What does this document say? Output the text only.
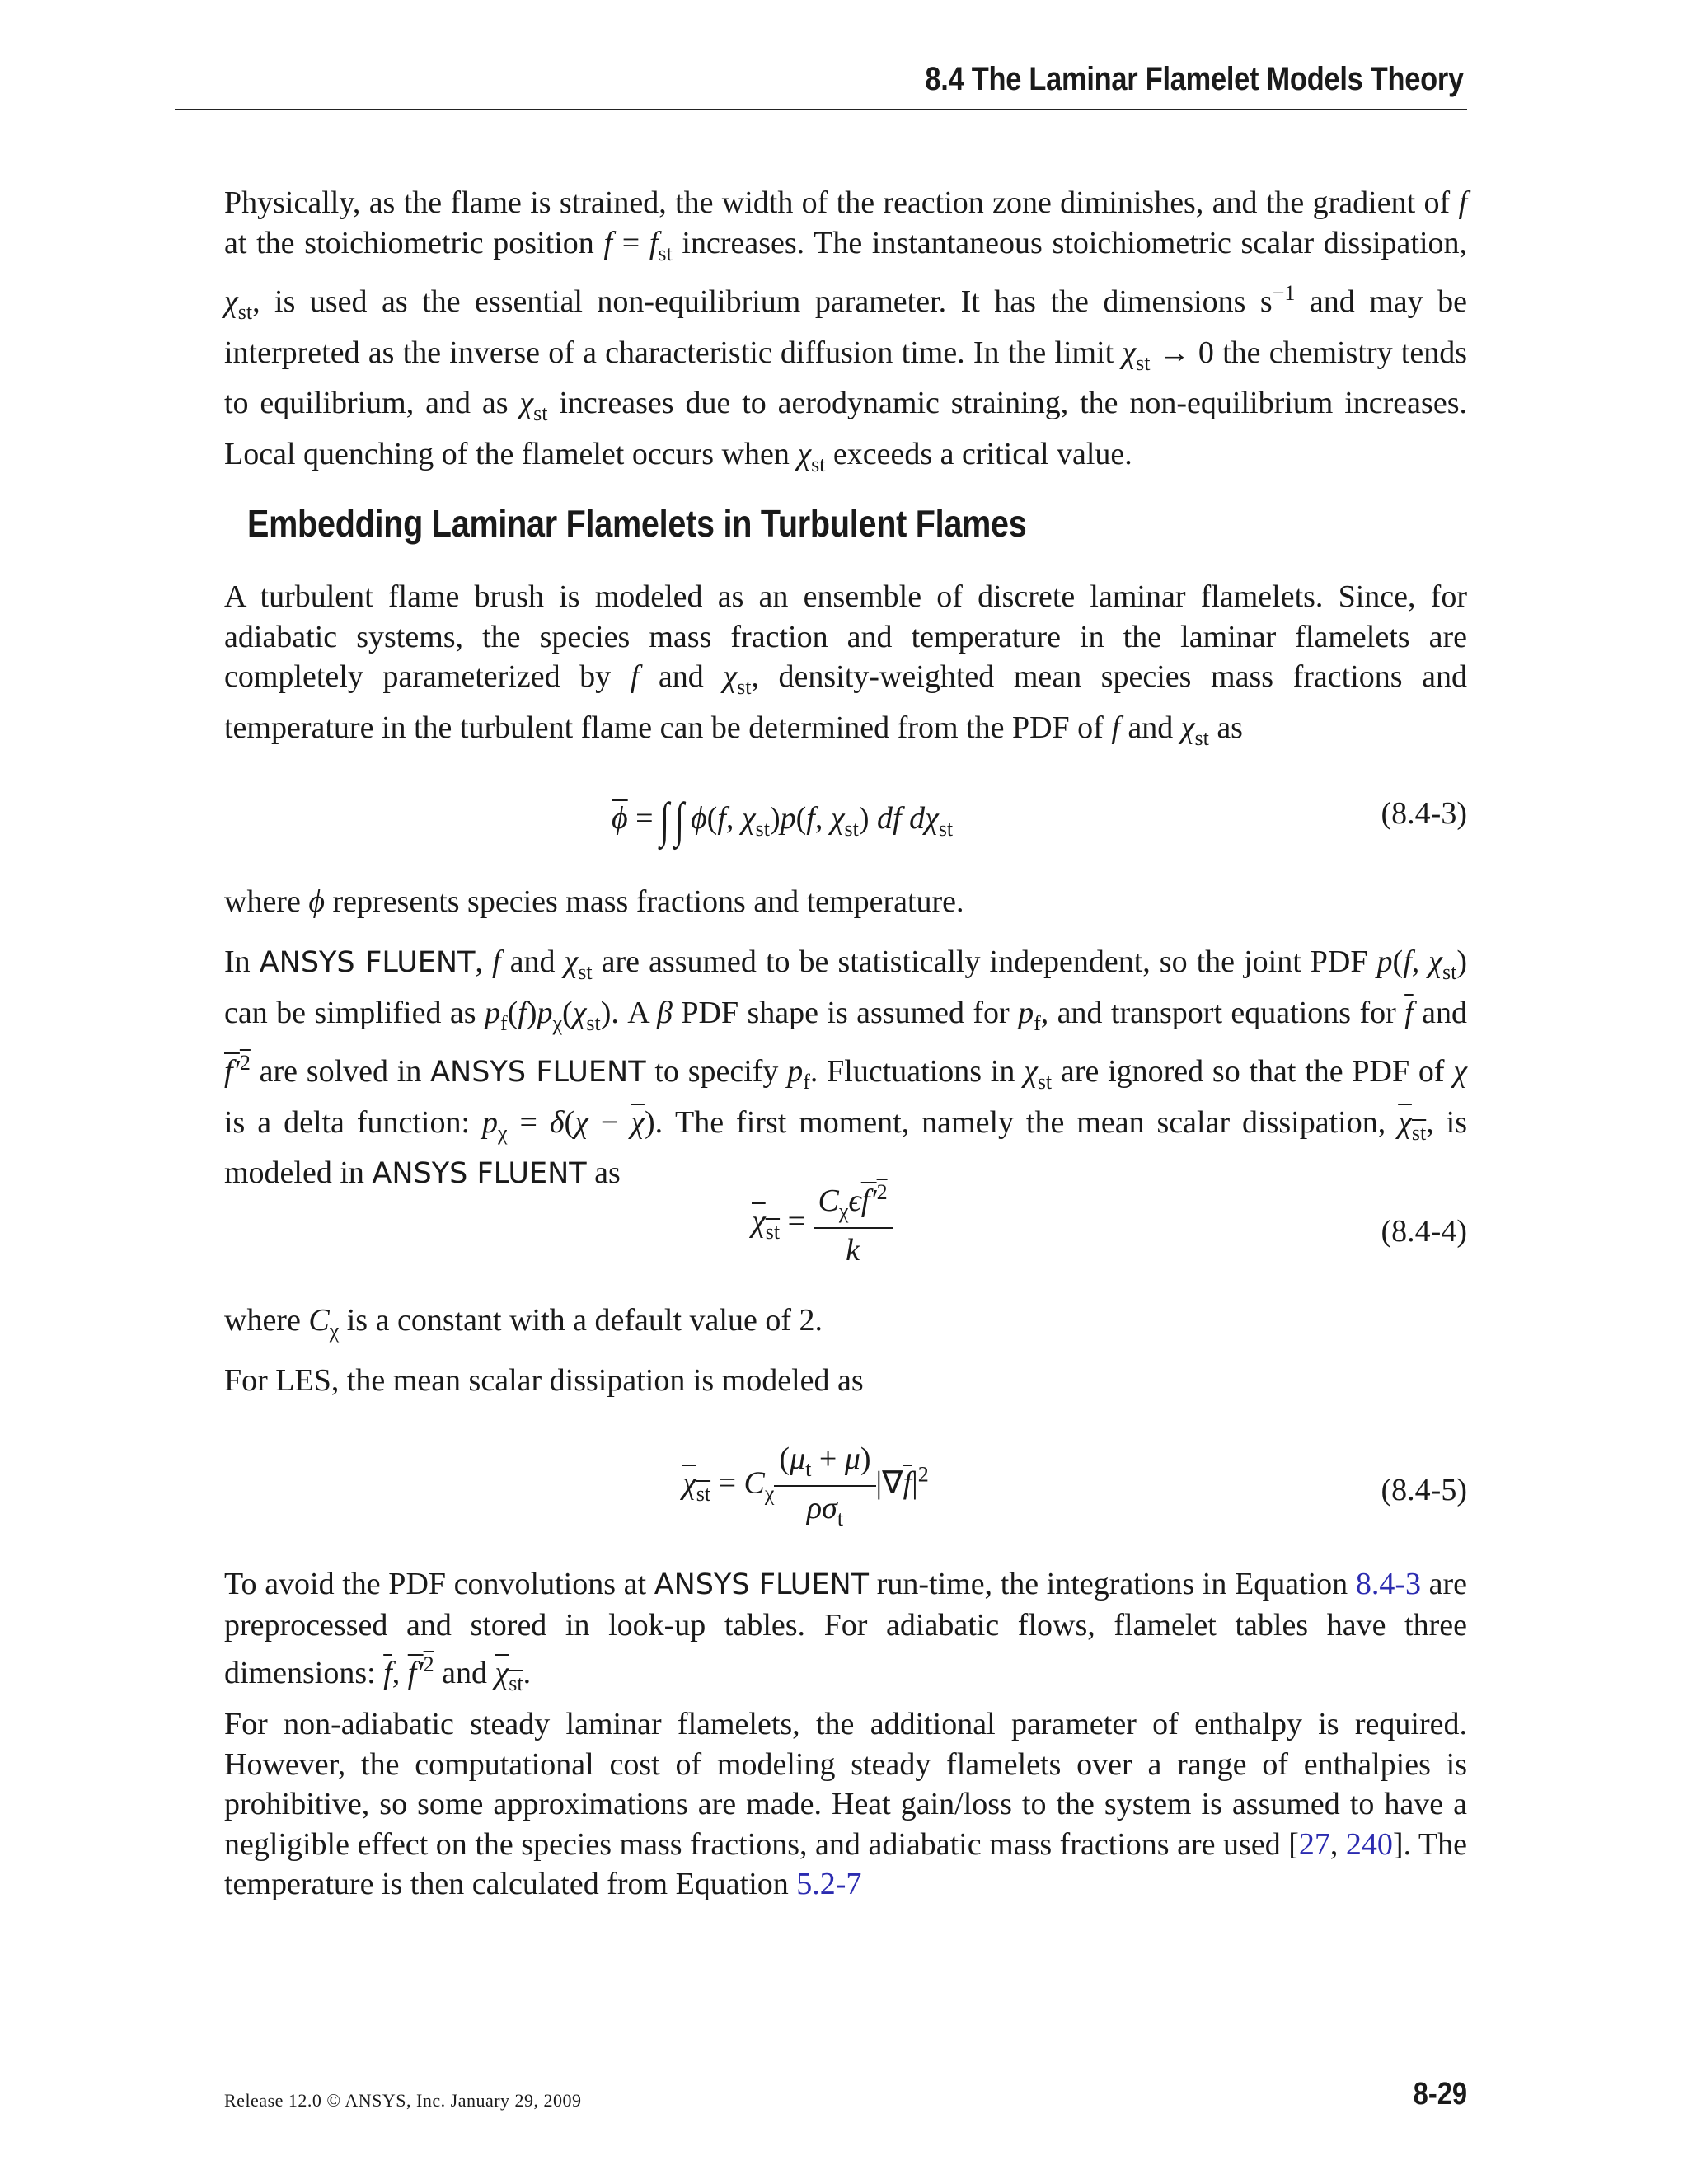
8.4 The Laminar Flamelet Models Theory

Physically, as the flame is strained, the width of the reaction zone diminishes, and the gradient of f at the stoichiometric position $f = f_{st}$ increases. The instantaneous stoichiometric scalar dissipation, $\chi_{st}$, is used as the essential non-equilibrium parameter. It has the dimensions $s^{-1}$ and may be interpreted as the inverse of a characteristic diffusion time. In the limit $\chi_{st} \to 0$ the chemistry tends to equilibrium, and as $\chi_{st}$ increases due to aerodynamic straining, the non-equilibrium increases. Local quenching of the flamelet occurs when $\chi_{st}$ exceeds a critical value.

Embedding Laminar Flamelets in Turbulent Flames

A turbulent flame brush is modeled as an ensemble of discrete laminar flamelets. Since, for adiabatic systems, the species mass fraction and temperature in the laminar flamelets are completely parameterized by f and $\chi_{st}$, density-weighted mean species mass fractions and temperature in the turbulent flame can be determined from the PDF of f and $\chi_{st}$ as

$\overline{\phi}$ = ∫ ∫ ϕ(f, $\chi_{st})p(f$, $\chi_{st}$) df $d\chi_{st}$	(8.4-3)

where ϕ represents species mass fractions and temperature.

In ANSYS FLUENT, f and $\chi_{st}$ are assumed to be statistically independent, so the joint PDF p(f, $\chi_{st}$) can be simplified as $p_f(f)p_\chi(\chi_{st})$. A β PDF shape is assumed for $p_f$, and transport equations for $\overline{f}$ and $f'^2$ are solved in ANSYS FLUENT to specify $p_f$. Fluctuations in $\chi_{st}$ are ignored so that the PDF of χ is a delta function: $p_\chi = \delta(\chi - \overline{\chi})$. The first moment, namely the mean scalar dissipation, $\chi_{st}$, is modeled in ANSYS FLUENT as

$\chi_{st} = \frac{C_\chi\epsilon f'^2}{k}$	(8.4-4)

where $C_\chi$ is a constant with a default value of 2.

For LES, the mean scalar dissipation is modeled as

$\chi_{st} = C_\chi \frac{(\mu_t + \mu)}{\rho\sigma_t} |\nabla\overline{f}|^2$	(8.4-5)

To avoid the PDF convolutions at ANSYS FLUENT run-time, the integrations in Equation 8.4-3 are preprocessed and stored in look-up tables. For adiabatic flows, flamelet tables have three dimensions: $\overline{f}$, $f'^2$ and $\chi_{st}$.

For non-adiabatic steady laminar flamelets, the additional parameter of enthalpy is required. However, the computational cost of modeling steady flamelets over a range of enthalpies is prohibitive, so some approximations are made. Heat gain/loss to the system is assumed to have a negligible effect on the species mass fractions, and adiabatic mass fractions are used [27, 240]. The temperature is then calculated from Equation 5.2-7

Release 12.0 © ANSYS, Inc. January 29, 2009	8-29
